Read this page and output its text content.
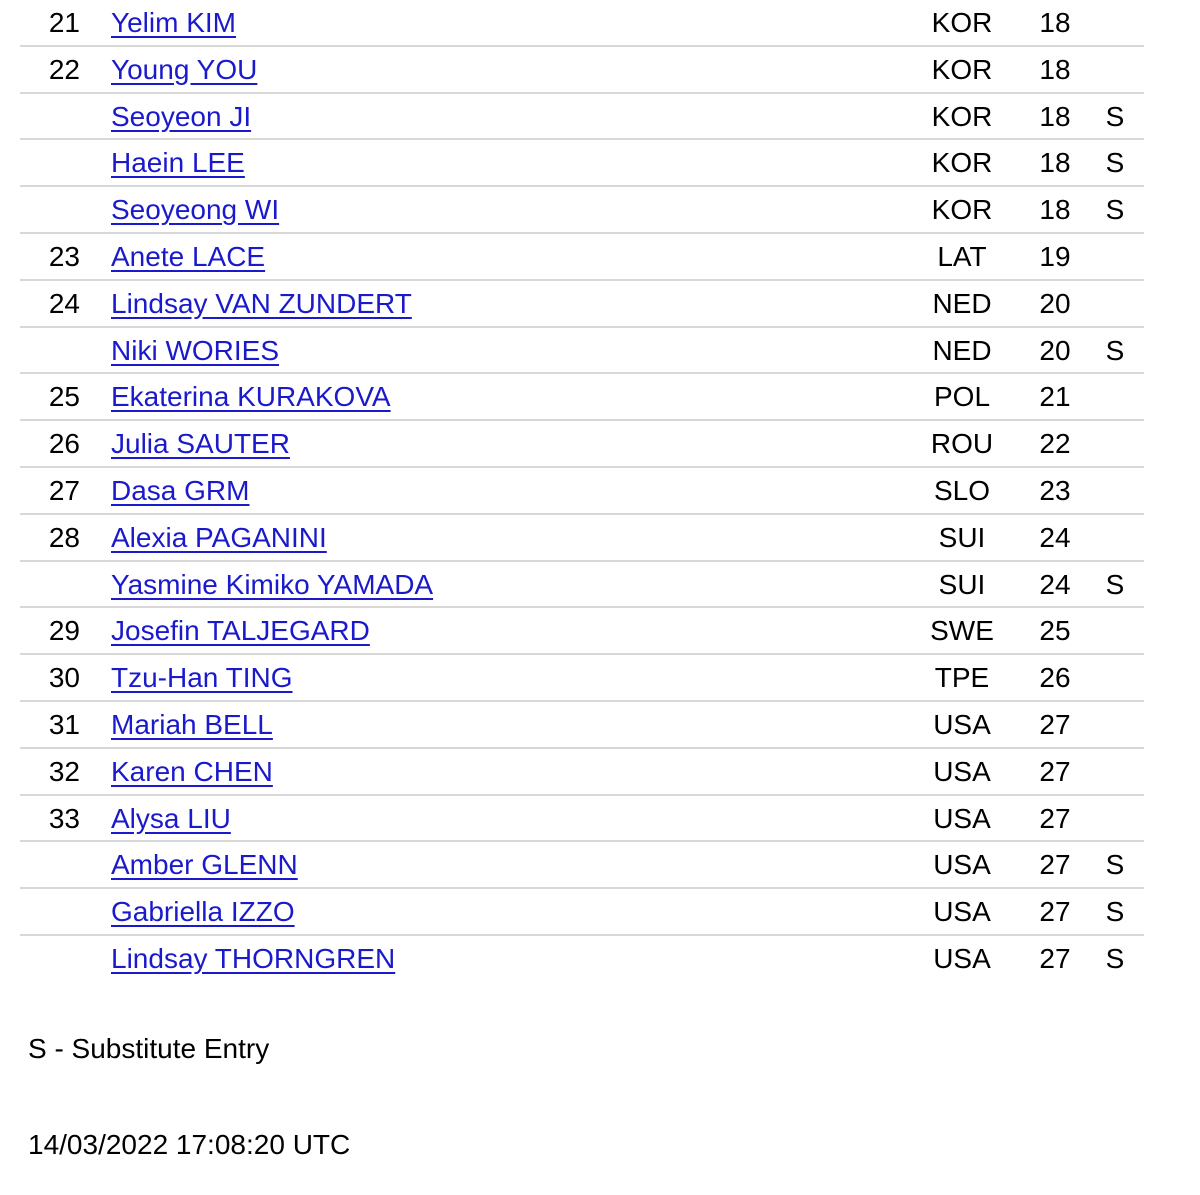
21 Yelim KIM	KOR	18
22 Young YOU	KOR	18
Seoyeon JI	KOR	18	S
Haein LEE	KOR	18	S
Seoyeong WI	KOR	18	S
23 Anete LACE	LAT	19
24 Lindsay VAN ZUNDERT	NED	20
Niki WORIES	NED	20	S
25 Ekaterina KURAKOVA	POL	21
26 Julia SAUTER	ROU	22
27 Dasa GRM	SLO	23
28 Alexia PAGANINI	SUI	24
Yasmine Kimiko YAMADA	SUI	24	S
29 Josefin TALJEGARD	SWE	25
30 Tzu-Han TING	TPE	26
31 Mariah BELL	USA	27
32 Karen CHEN	USA	27
33 Alysa LIU	USA	27
Amber GLENN	USA	27	S
Gabriella IZZO	USA	27	S
Lindsay THORNGREN	USA	27	S
S - Substitute Entry
14/03/2022 17:08:20 UTC
